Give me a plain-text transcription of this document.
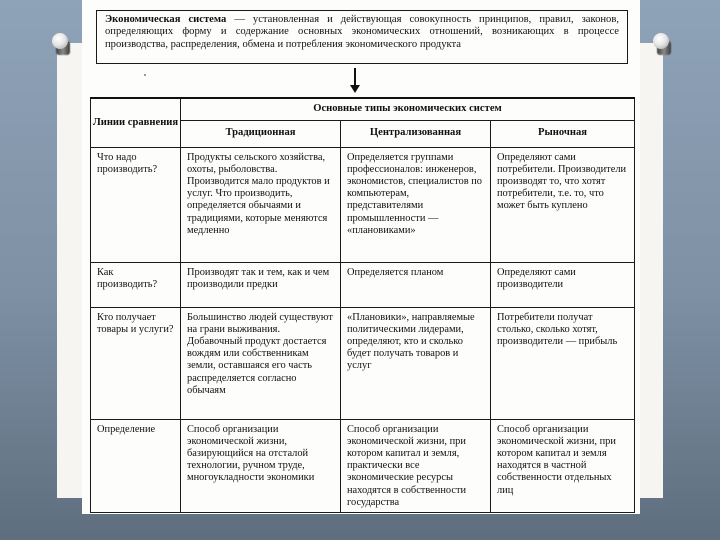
Экономическая система — установленная и действующая совокупность принципов, правил, законов, определяющих форму и содержание основных экономических отношений, возникающих в процессе производства, распределения, обмена и потребления экономического продукта
Линии сравнения	Основные типы экономических систем		
	Традиционная	Централизованная	Рыночная
Что надо производить?	Продукты сельского хозяйства, охоты, рыболовства. Производится мало продуктов и услуг. Что производить, определяется обычаями и традициями, которые меняются медленно	Определяется группами профессионалов: инженеров, экономистов, специалистов по компьютерам, представителями промышленности — «плановиками»	Определяют сами потребители. Производители производят то, что хотят потребители, т.е. то, что может быть куплено
Как производить?	Производят так и тем, как и чем производили предки	Определяется планом	Определяют сами производители
Кто получает товары и услуги?	Большинство людей существуют на грани выживания. Добавочный продукт достается вождям или собственникам земли, оставшаяся его часть распределяется согласно обычаям	«Плановики», направляемые политическими лидерами, определяют, кто и сколько будет получать товаров и услуг	Потребители получат столько, сколько хотят, производители — прибыль
Определение	Способ организации экономической жизни, базирующийся на отсталой технологии, ручном труде, многоукладности экономики	Способ организации экономической жизни, при котором капитал и земля, практически все экономические ресурсы находятся в собственности государства	Способ организации экономической жизни, при котором капитал и земля находятся в частной собственности отдельных лиц
